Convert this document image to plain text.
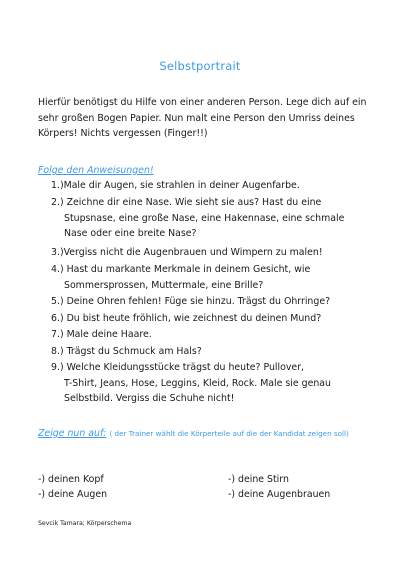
Selbstportrait
Hierfür benötigst du Hilfe von einer anderen Person. Lege dich auf ein sehr großen Bogen Papier. Nun malt eine Person den Umriss deines Körpers! Nichts vergessen (Finger!!)
Folge den Anweisungen!
1.)Male dir Augen, sie strahlen in deiner Augenfarbe.
2.) Zeichne dir eine Nase. Wie sieht sie aus? Hast du eine
Stupsnase, eine große Nase, eine Hakennase, eine schmale Nase oder eine breite Nase?
3.)Vergiss nicht die Augenbrauen und Wimpern zu malen!
4.) Hast du markante Merkmale in deinem Gesicht, wie
Sommersprossen, Muttermale, eine Brille?
5.) Deine Ohren fehlen! Füge sie hinzu. Trägst du Ohrringe?
6.) Du bist heute fröhlich, wie zeichnest du deinen Mund?
7.) Male deine Haare.
8.) Trägst du Schmuck am Hals?
9.) Welche Kleidungsstücke trägst du heute? Pullover,
T-Shirt, Jeans, Hose, Leggins, Kleid, Rock. Male sie genau Selbstbild. Vergiss die Schuhe nicht!
Zeige nun auf: ( der Trainer wählt die Körperteile auf die der Kandidat zeigen soll)
-) deinen Kopf
-) deine Augen
-) deine Stirn
-) deine Augenbrauen
Sevcik Tamara; Körperschema
